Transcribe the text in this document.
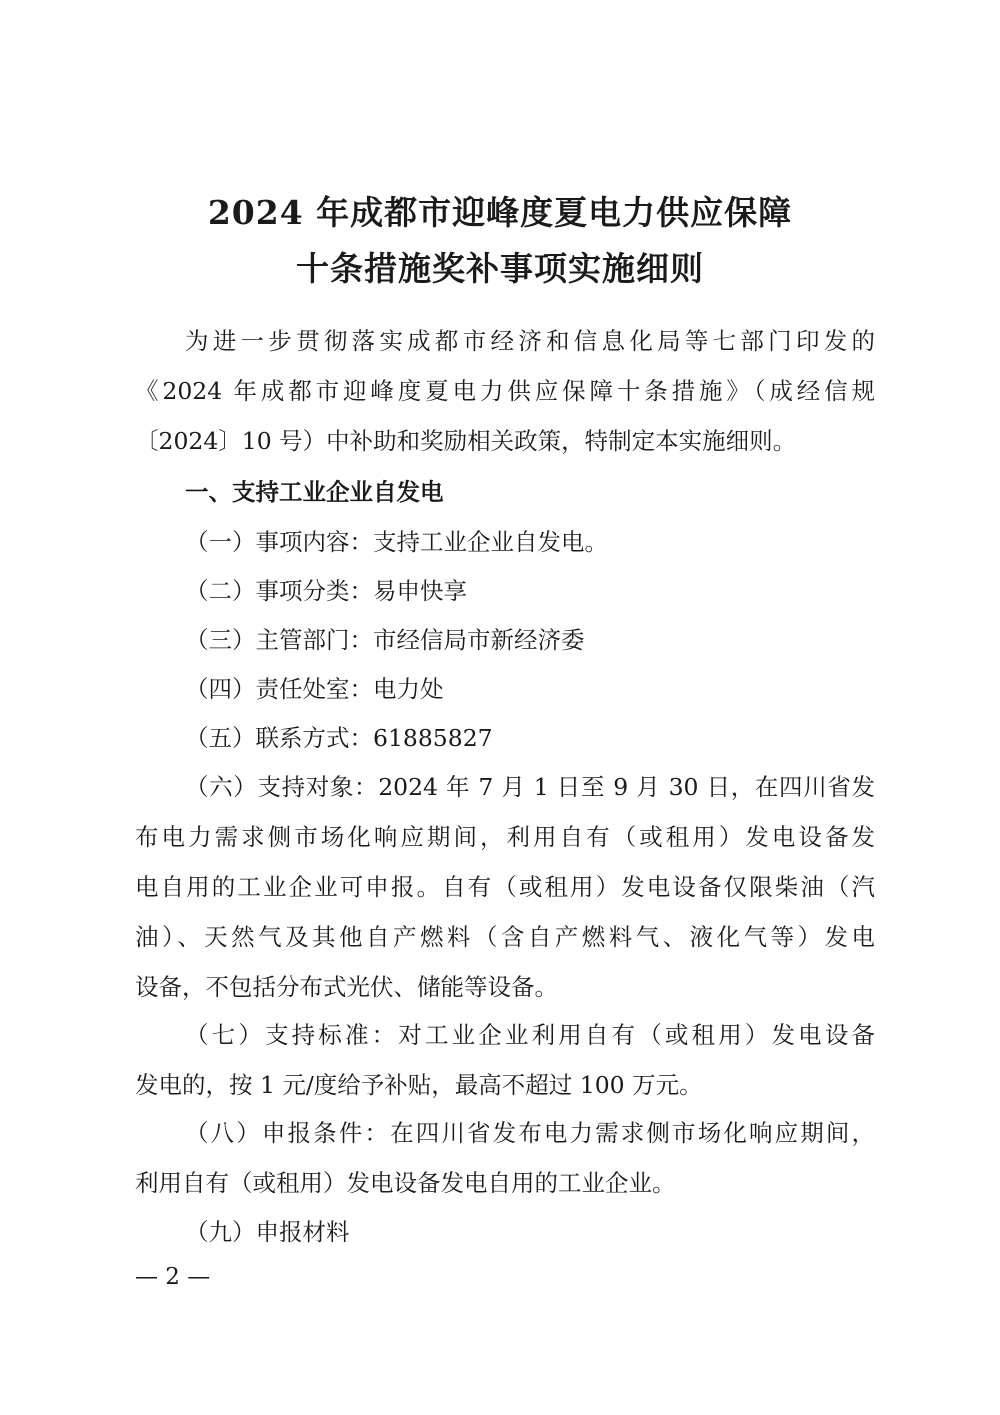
2024 年成都市迎峰度夏电力供应保障
十条措施奖补事项实施细则
为进一步贯彻落实成都市经济和信息化局等七部门印发的
《2024 年成都市迎峰度夏电力供应保障十条措施》（成经信规
〔2024〕10 号）中补助和奖励相关政策，特制定本实施细则。
一、支持工业企业自发电
（一）事项内容：支持工业企业自发电。
（二）事项分类：易申快享
（三）主管部门：市经信局市新经济委
（四）责任处室：电力处
（五）联系方式：61885827
（六）支持对象：2024 年 7 月 1 日至 9 月 30 日，在四川省发
布电力需求侧市场化响应期间，利用自有（或租用）发电设备发
电自用的工业企业可申报。自有（或租用）发电设备仅限柴油（汽
油）、天然气及其他自产燃料（含自产燃料气、液化气等）发电
设备，不包括分布式光伏、储能等设备。
（七）支持标准：对工业企业利用自有（或租用）发电设备
发电的，按 1 元/度给予补贴，最高不超过 100 万元。
（八）申报条件：在四川省发布电力需求侧市场化响应期间，
利用自有（或租用）发电设备发电自用的工业企业。
（九）申报材料
— 2 —
